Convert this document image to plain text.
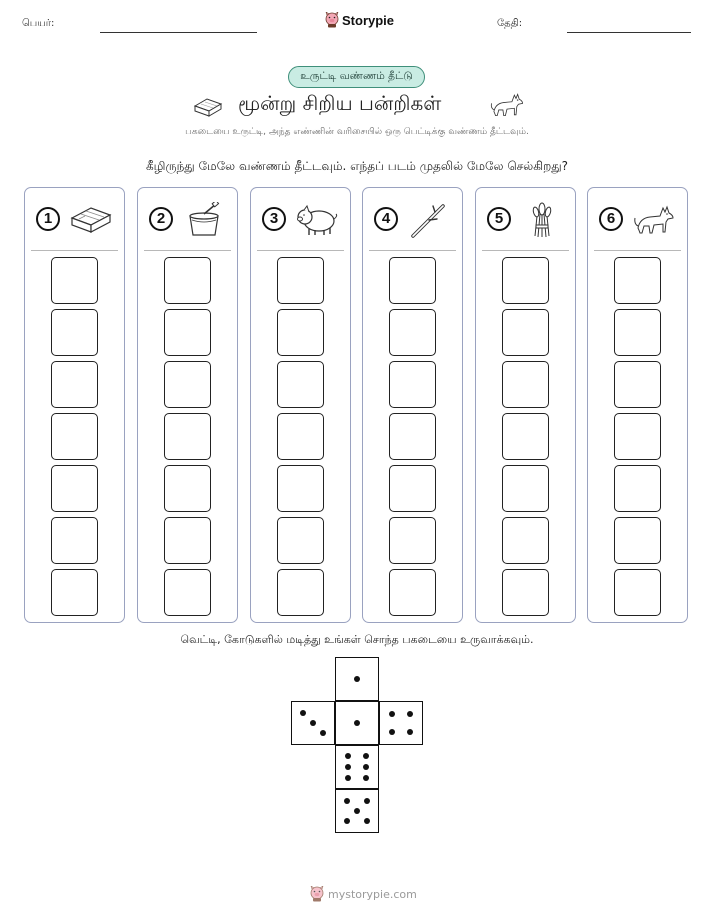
பெயர்:	Storypie	தேதி:
உருட்டி வண்ணம் தீட்டு
மூன்று சிறிய பன்றிகள்
பகடையை உருட்டி, அந்த எண்ணின் வரிசையில் ஒரு பெட்டிக்கு வண்ணம் தீட்டவும்.
கீழிருந்து மேலே வண்ணம் தீட்டவும். எந்தப் படம் முதலில் மேலே செல்கிறது?
1	2	3	4	5	6
வெட்டி, கோடுகளில் மடித்து உங்கள் சொந்த பகடையை உருவாக்கவும்.
mystorypie.com
